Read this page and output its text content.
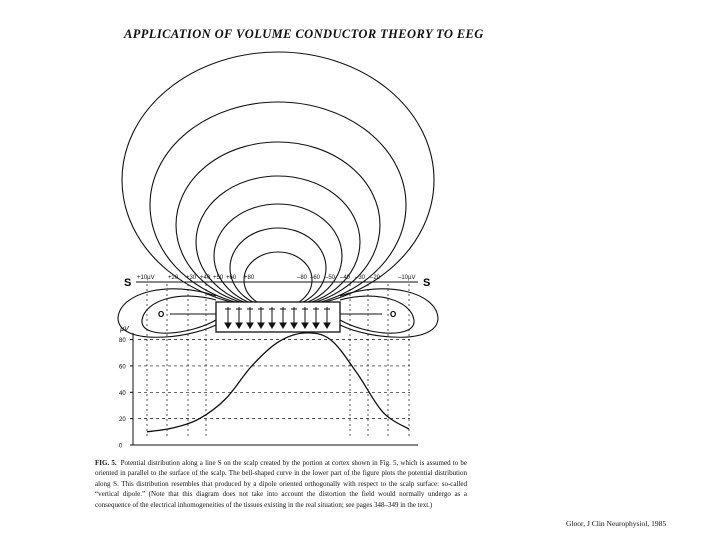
APPLICATION OF VOLUME CONDUCTOR THEORY TO EEG
S	S
+10µV +20 +30 +40 +50 +60 +80	–80 –60 –50 –40 –30 –20	–10µV
O	O
µV
0
20
40
60
80
FIG. 5. Potential distribution along a line S on the scalp created by the portion at cortex shown in Fig. 5, which is assumed to be oriented in parallel to the surface of the scalp. The bell-shaped curve in the lower part of the figure plots the potential distribution along S. This distribution resembles that produced by a dipole oriented orthogonally with respect to the scalp surface: so-called “vertical dipole.” (Note that this diagram does not take into account the distortion the field would normally undergo as a consequence of the electrical inhomogeneities of the tissues existing in the real situation; see pages 348–349 in the text.)
Gloor, J Clin Neurophysiol, 1985
